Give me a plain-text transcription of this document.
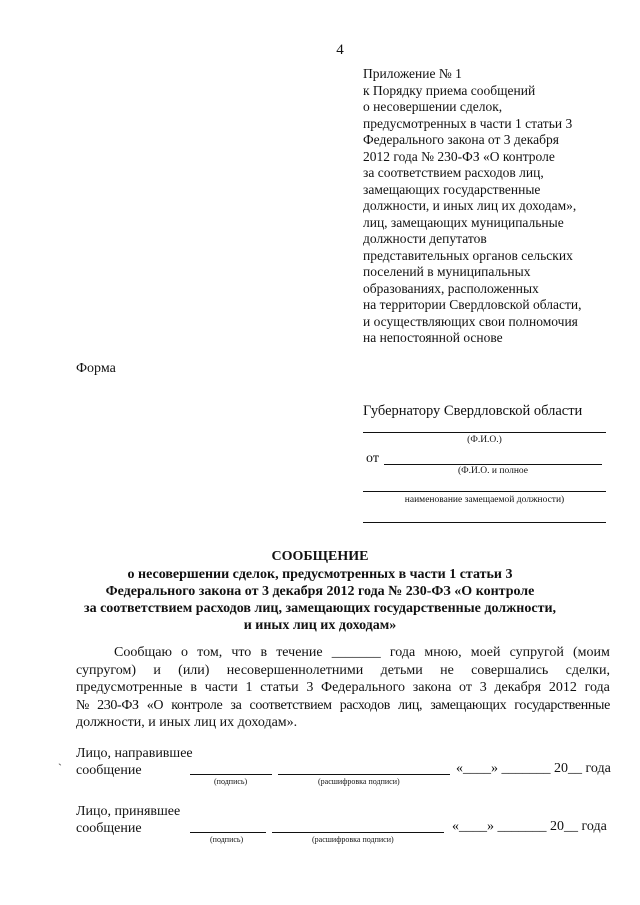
4
Приложение № 1
к Порядку приема сообщений
о несовершении сделок,
предусмотренных в части 1 статьи 3
Федерального закона от 3 декабря
2012 года № 230-ФЗ «О контроле
за соответствием расходов лиц,
замещающих государственные
должности, и иных лиц их доходам»,
лиц, замещающих муниципальные
должности депутатов
представительных органов сельских
поселений в муниципальных
образованиях, расположенных
на территории Свердловской области,
и осуществляющих свои полномочия
на непостоянной основе
Форма
Губернатору Свердловской области
(Ф.И.О.)
от
(Ф.И.О. и полное
наименование замещаемой должности)
СООБЩЕНИЕ
о несовершении сделок, предусмотренных в части 1 статьи 3
Федерального закона от 3 декабря 2012 года № 230-ФЗ «О контроле
за соответствием расходов лиц, замещающих государственные должности,
и иных лиц их доходам»
Сообщаю о том, что в течение _______ года мною, моей супругой (моим
супругом) и (или) несовершеннолетними детьми не совершались сделки,
предусмотренные в части 1 статьи 3 Федерального закона от 3 декабря 2012 года
№ 230-ФЗ «О контроле за соответствием расходов лиц, замещающих государственные
должности, и иных лиц их доходам».
ˎ Лицо, направившее
сообщение	«____» _______ 20__ года
(подпись)	(расшифровка подписи)
Лицо, принявшее
сообщение	«____» _______ 20__ года
(подпись)	(расшифровка подписи)
